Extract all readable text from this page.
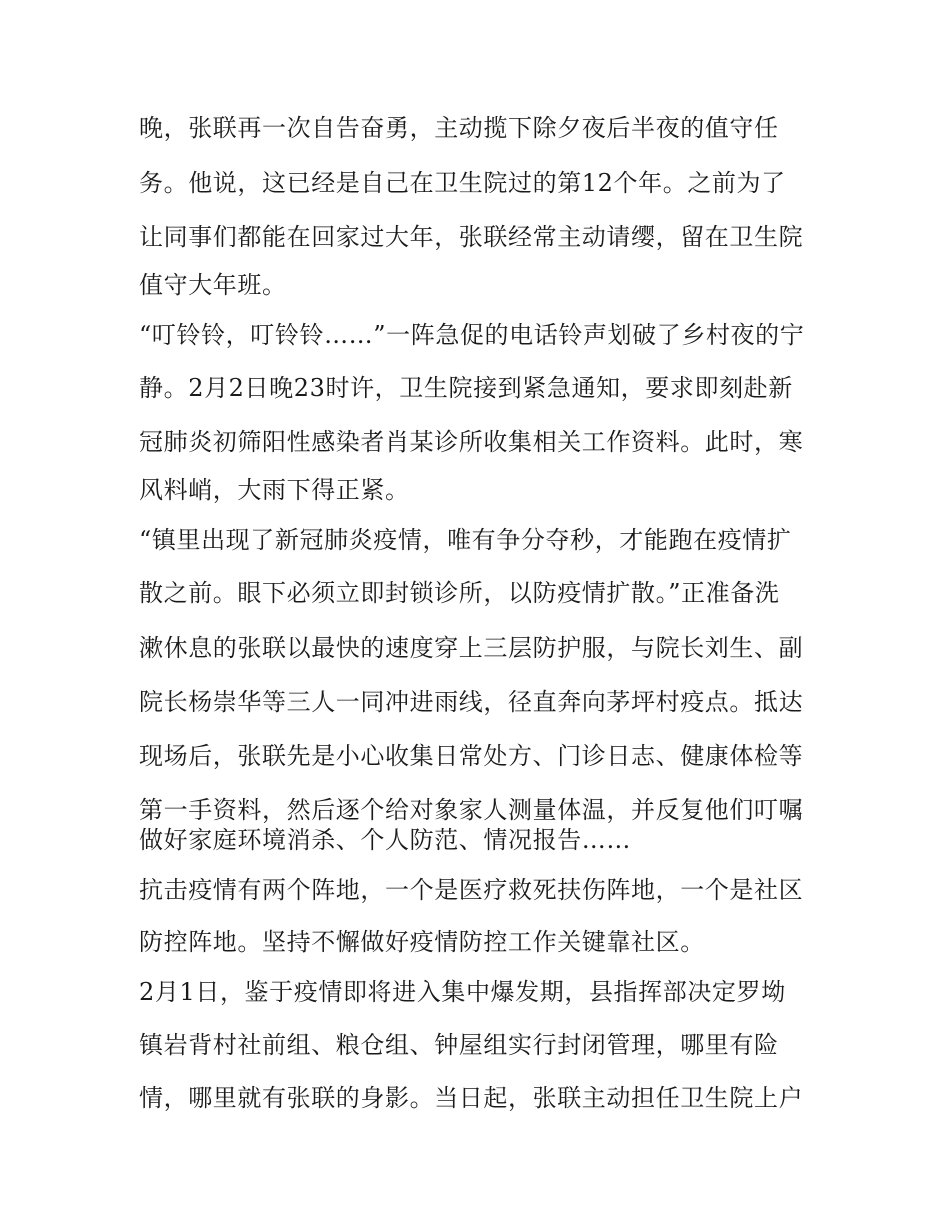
晚，张联再一次自告奋勇，主动揽下除夕夜后半夜的值守任
务。他说，这已经是自己在卫生院过的第12个年。之前为了
让同事们都能在回家过大年，张联经常主动请缨，留在卫生院
值守大年班。
“叮铃铃，叮铃铃……”一阵急促的电话铃声划破了乡村夜的宁
静。2月2日晚23时许，卫生院接到紧急通知，要求即刻赴新
冠肺炎初筛阳性感染者肖某诊所收集相关工作资料。此时，寒
风料峭，大雨下得正紧。
“镇里出现了新冠肺炎疫情，唯有争分夺秒，才能跑在疫情扩
散之前。眼下必须立即封锁诊所，以防疫情扩散。”正准备洗
漱休息的张联以最快的速度穿上三层防护服，与院长刘生、副
院长杨崇华等三人一同冲进雨线，径直奔向茅坪村疫点。抵达
现场后，张联先是小心收集日常处方、门诊日志、健康体检等
第一手资料，然后逐个给对象家人测量体温，并反复他们叮嘱
做好家庭环境消杀、个人防范、情况报告……
抗击疫情有两个阵地，一个是医疗救死扶伤阵地，一个是社区
防控阵地。坚持不懈做好疫情防控工作关键靠社区。
2月1日，鉴于疫情即将进入集中爆发期，县指挥部决定罗坳
镇岩背村社前组、粮仓组、钟屋组实行封闭管理，哪里有险
情，哪里就有张联的身影。当日起，张联主动担任卫生院上户
